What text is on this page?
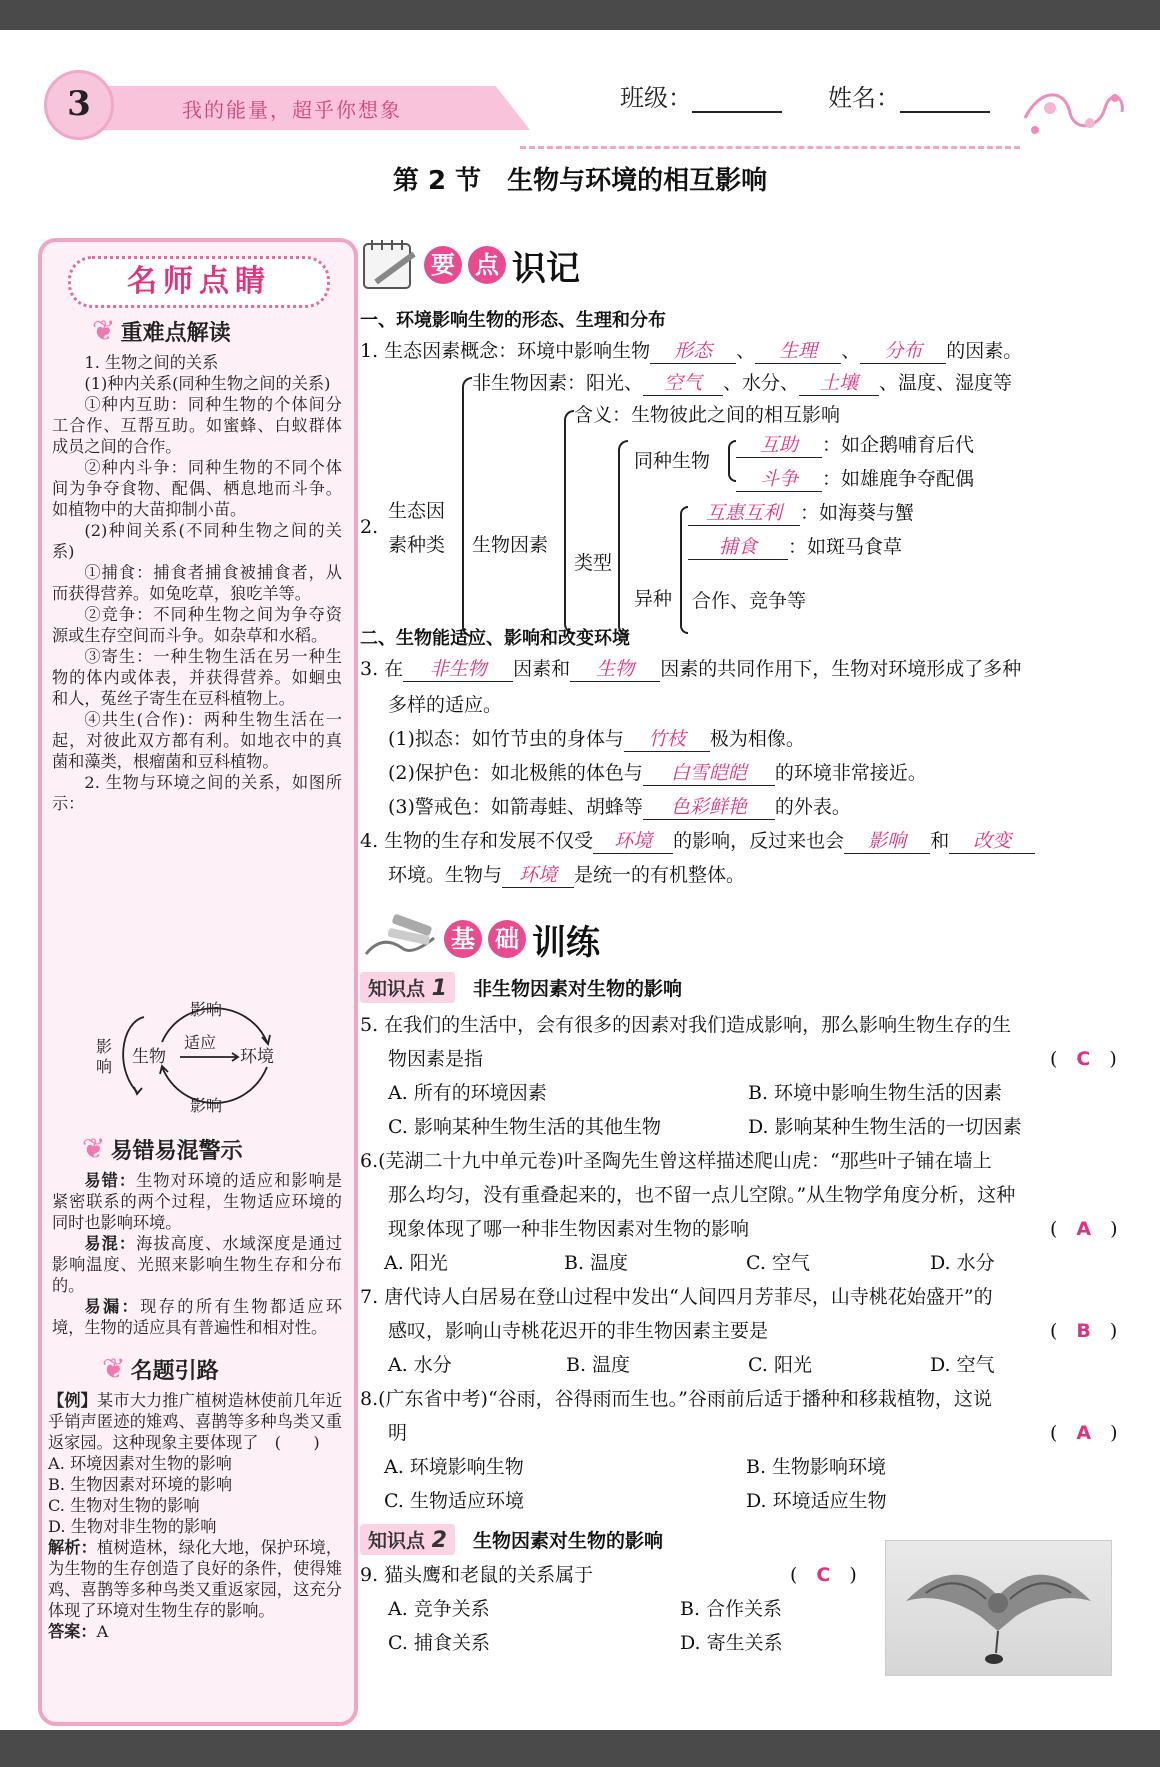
3	我的能量，超乎你想象	班级：	姓名：
第 2 节　生物与环境的相互影响
名师点睛
❦ 重难点解读

1. 生物之间的关系

(1)种内关系(同种生物之间的关系)

①种内互助：同种生物的个体间分工合作、互帮互助。如蜜蜂、白蚁群体成员之间的合作。

②种内斗争：同种生物的不同个体间为争夺食物、配偶、栖息地而斗争。如植物中的大苗抑制小苗。

(2)种间关系(不同种生物之间的关系)

①捕食：捕食者捕食被捕食者，从而获得营养。如兔吃草，狼吃羊等。

②竞争：不同种生物之间为争夺资源或生存空间而斗争。如杂草和水稻。

③寄生：一种生物生活在另一种生物的体内或体表，并获得营养。如蛔虫和人，菟丝子寄生在豆科植物上。

④共生(合作)：两种生物生活在一起，对彼此双方都有利。如地衣中的真菌和藻类，根瘤菌和豆科植物。

2. 生物与环境之间的关系，如图所示：

影响
影响
适应
影响
生物	环境
❦ 易错易混警示

易错：生物对环境的适应和影响是紧密联系的两个过程，生物适应环境的同时也影响环境。

易混：海拔高度、水域深度是通过影响温度、光照来影响生物生存和分布的。

易漏：现存的所有生物都适应环境，生物的适应具有普遍性和相对性。

❦ 名题引路

【例】某市大力推广植树造林使前几年近乎销声匿迹的雉鸡、喜鹊等多种鸟类又重返家园。这种现象主要体现了　(　　)

A. 环境因素对生物的影响

B. 生物因素对环境的影响

C. 生物对生物的影响

D. 生物对非生物的影响

解析：植树造林，绿化大地，保护环境，为生物的生存创造了良好的条件，使得雉鸡、喜鹊等多种鸟类又重返家园，这充分体现了环境对生物生存的影响。

答案：A

要 点 识记
一、环境影响生物的形态、生理和分布
1. 生态因素概念：环境中影响生物 形态 、 生理 、 分布 的因素。
2.
生态因
素种类
非生物因素：阳光、 空气 、水分、 土壤 、温度、湿度等
生物因素
含义：生物彼此之间的相互影响
类型
同种生物
互助 ：如企鹅哺育后代
斗争 ：如雄鹿争夺配偶
异种
互惠互利 ：如海葵与蟹
捕食 ：如斑马食草
合作、竞争等
二、生物能适应、影响和改变环境
3. 在 非生物 因素和 生物 因素的共同作用下，生物对环境形成了多种
多样的适应。
(1)拟态：如竹节虫的身体与 竹枝 极为相像。
(2)保护色：如北极熊的体色与 白雪皑皑 的环境非常接近。
(3)警戒色：如箭毒蛙、胡蜂等 色彩鲜艳 的外表。
4. 生物的生存和发展不仅受 环境 的影响，反过来也会 影响 和 改变
环境。生物与 环境 是统一的有机整体。
基 础 训练
知识点 1	非生物因素对生物的影响
5. 在我们的生活中，会有很多的因素对我们造成影响，那么影响生物生存的生
物因素是指	(　C　)
A. 所有的环境因素	B. 环境中影响生物生活的因素
C. 影响某种生物生活的其他生物	D. 影响某种生物生活的一切因素
6.(芜湖二十九中单元卷)叶圣陶先生曾这样描述爬山虎：“那些叶子铺在墙上
那么均匀，没有重叠起来的，也不留一点儿空隙。”从生物学角度分析，这种
现象体现了哪一种非生物因素对生物的影响	(　A　)
A. 阳光	B. 温度	C. 空气	D. 水分
7. 唐代诗人白居易在登山过程中发出“人间四月芳菲尽，山寺桃花始盛开”的
感叹，影响山寺桃花迟开的非生物因素主要是	(　B　)
A. 水分	B. 温度	C. 阳光	D. 空气
8.(广东省中考)“谷雨，谷得雨而生也。”谷雨前后适于播种和移栽植物，这说
明	(　A　)
A. 环境影响生物	B. 生物影响环境
C. 生物适应环境	D. 环境适应生物
知识点 2	生物因素对生物的影响
9. 猫头鹰和老鼠的关系属于	(　C　)
A. 竞争关系	B. 合作关系
C. 捕食关系	D. 寄生关系
